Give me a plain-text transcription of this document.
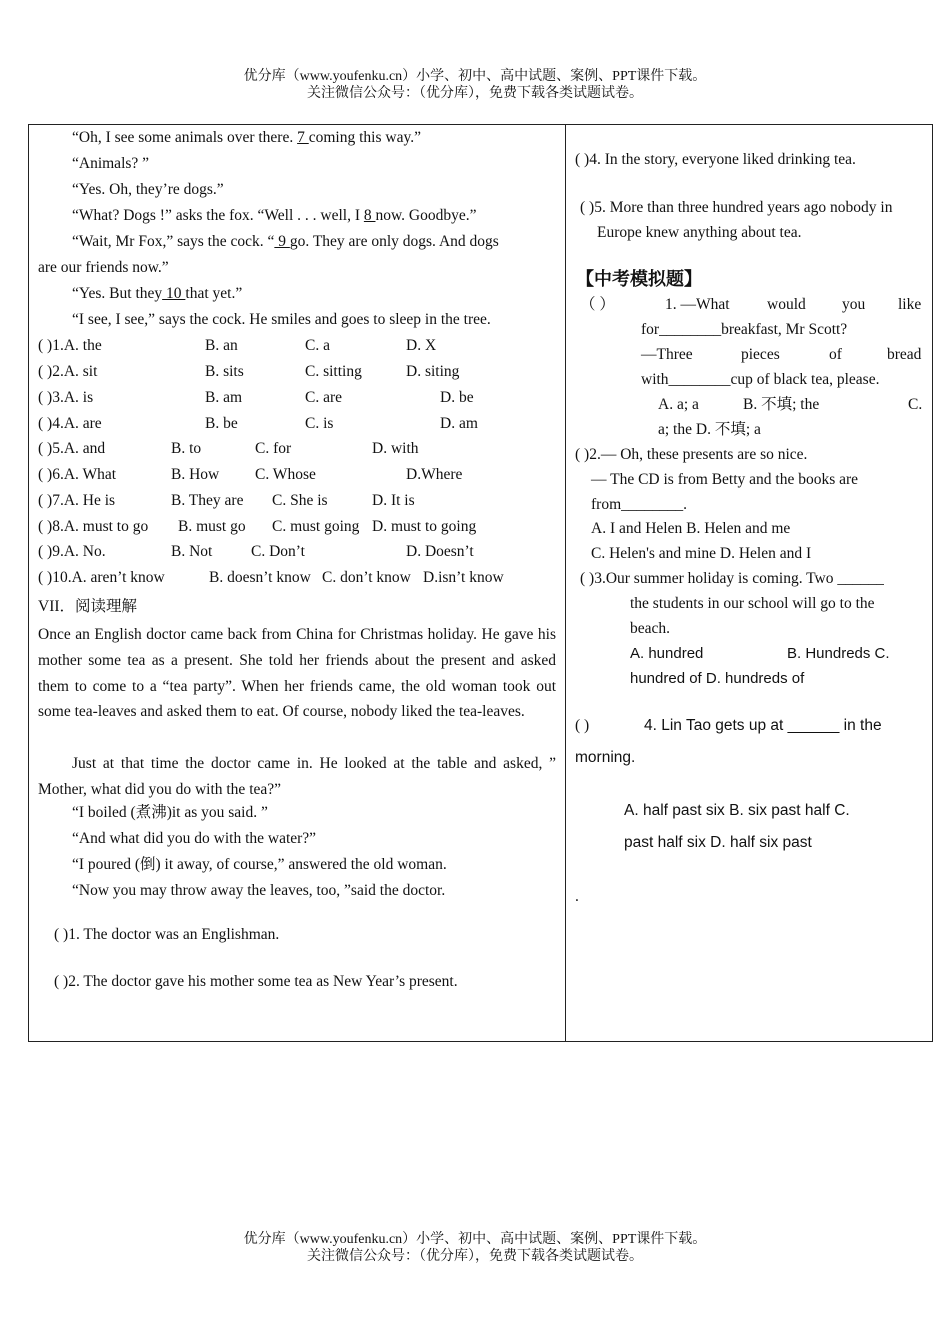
优分库（www.youfenku.cn）小学、初中、高中试题、案例、PPT课件下载。
关注微信公众号：（优分库），免费下载各类试题试卷。
“Oh, I see some animals over there. 7 coming this way.”
“Animals? ”
“Yes. Oh, they’re dogs.”
“What? Dogs !” asks the fox. “Well . . . well, I 8 now. Goodbye.”
“Wait, Mr Fox,” says the cock. “ 9 go. They are only dogs. And dogs
are our friends now.”
“Yes. But they 10 that yet.”
“I see, I see,” says the cock. He smiles and goes to sleep in the tree.
( )1.A. the	B. an	C. a	D. X
( )2.A. sit	B. sits	C. sitting	D. siting
( )3.A. is	B. am	C. are	D. be
( )4.A. are	B. be	C. is	D. am
( )5.A. and	B. to	C. for	D. with
( )6.A. What	B. How C. Whose	D.Where
( )7.A. He is	B. They are C. She is	D. It is
( )8.A. must to go B. must go C. must going D. must to going
( )9.A. No.	B. Not C. Don’t	D. Doesn’t
( )10.A. aren’t know	B. doesn’t know C. don’t know D.isn’t know
VII．阅读理解
Once an English doctor came back from China for Christmas holiday. He gave his mother some tea as a present. She told her friends about the present and asked them to come to a “tea party”. When her friends came, the old woman took out some tea-leaves and asked them to eat. Of course, nobody liked the tea-leaves.
Just at that time the doctor came in. He looked at the table and asked, ” Mother, what did you do with the tea?”
“I boiled (煮沸)it as you said. ”
“And what did you do with the water?”
“I poured (倒) it away, of course,” answered the old woman.
“Now you may throw away the leaves, too, ”said the doctor.
( )1. The doctor was an Englishman.
( )2. The doctor gave his mother some tea as New Year’s present.
( )4. In the story, everyone liked drinking tea.
( )5. More than three hundred years ago nobody in
Europe knew anything about tea.
【中考模拟题】
（ ）	1. —What would you like
for________breakfast, Mr Scott?
—Three	pieces	of	bread
with________cup of black tea, please.
A. a; a	B. 不填; the	C.
a; the D. 不填; a
( )2.— Oh, these presents are so nice.
— The CD is from Betty and the books are
from________.
A. I and Helen B. Helen and me
C. Helen's and mine D. Helen and I
( )3.Our summer holiday is coming. Two ______
the students in our school will go to the
beach.
A. hundred	B. Hundreds C.
hundred of D. hundreds of
( )	4. Lin Tao gets up at ______ in the
morning.
A. half past six B. six past half C.
past half six D. half six past
.
优分库（www.youfenku.cn）小学、初中、高中试题、案例、PPT课件下载。
关注微信公众号：（优分库），免费下载各类试题试卷。
